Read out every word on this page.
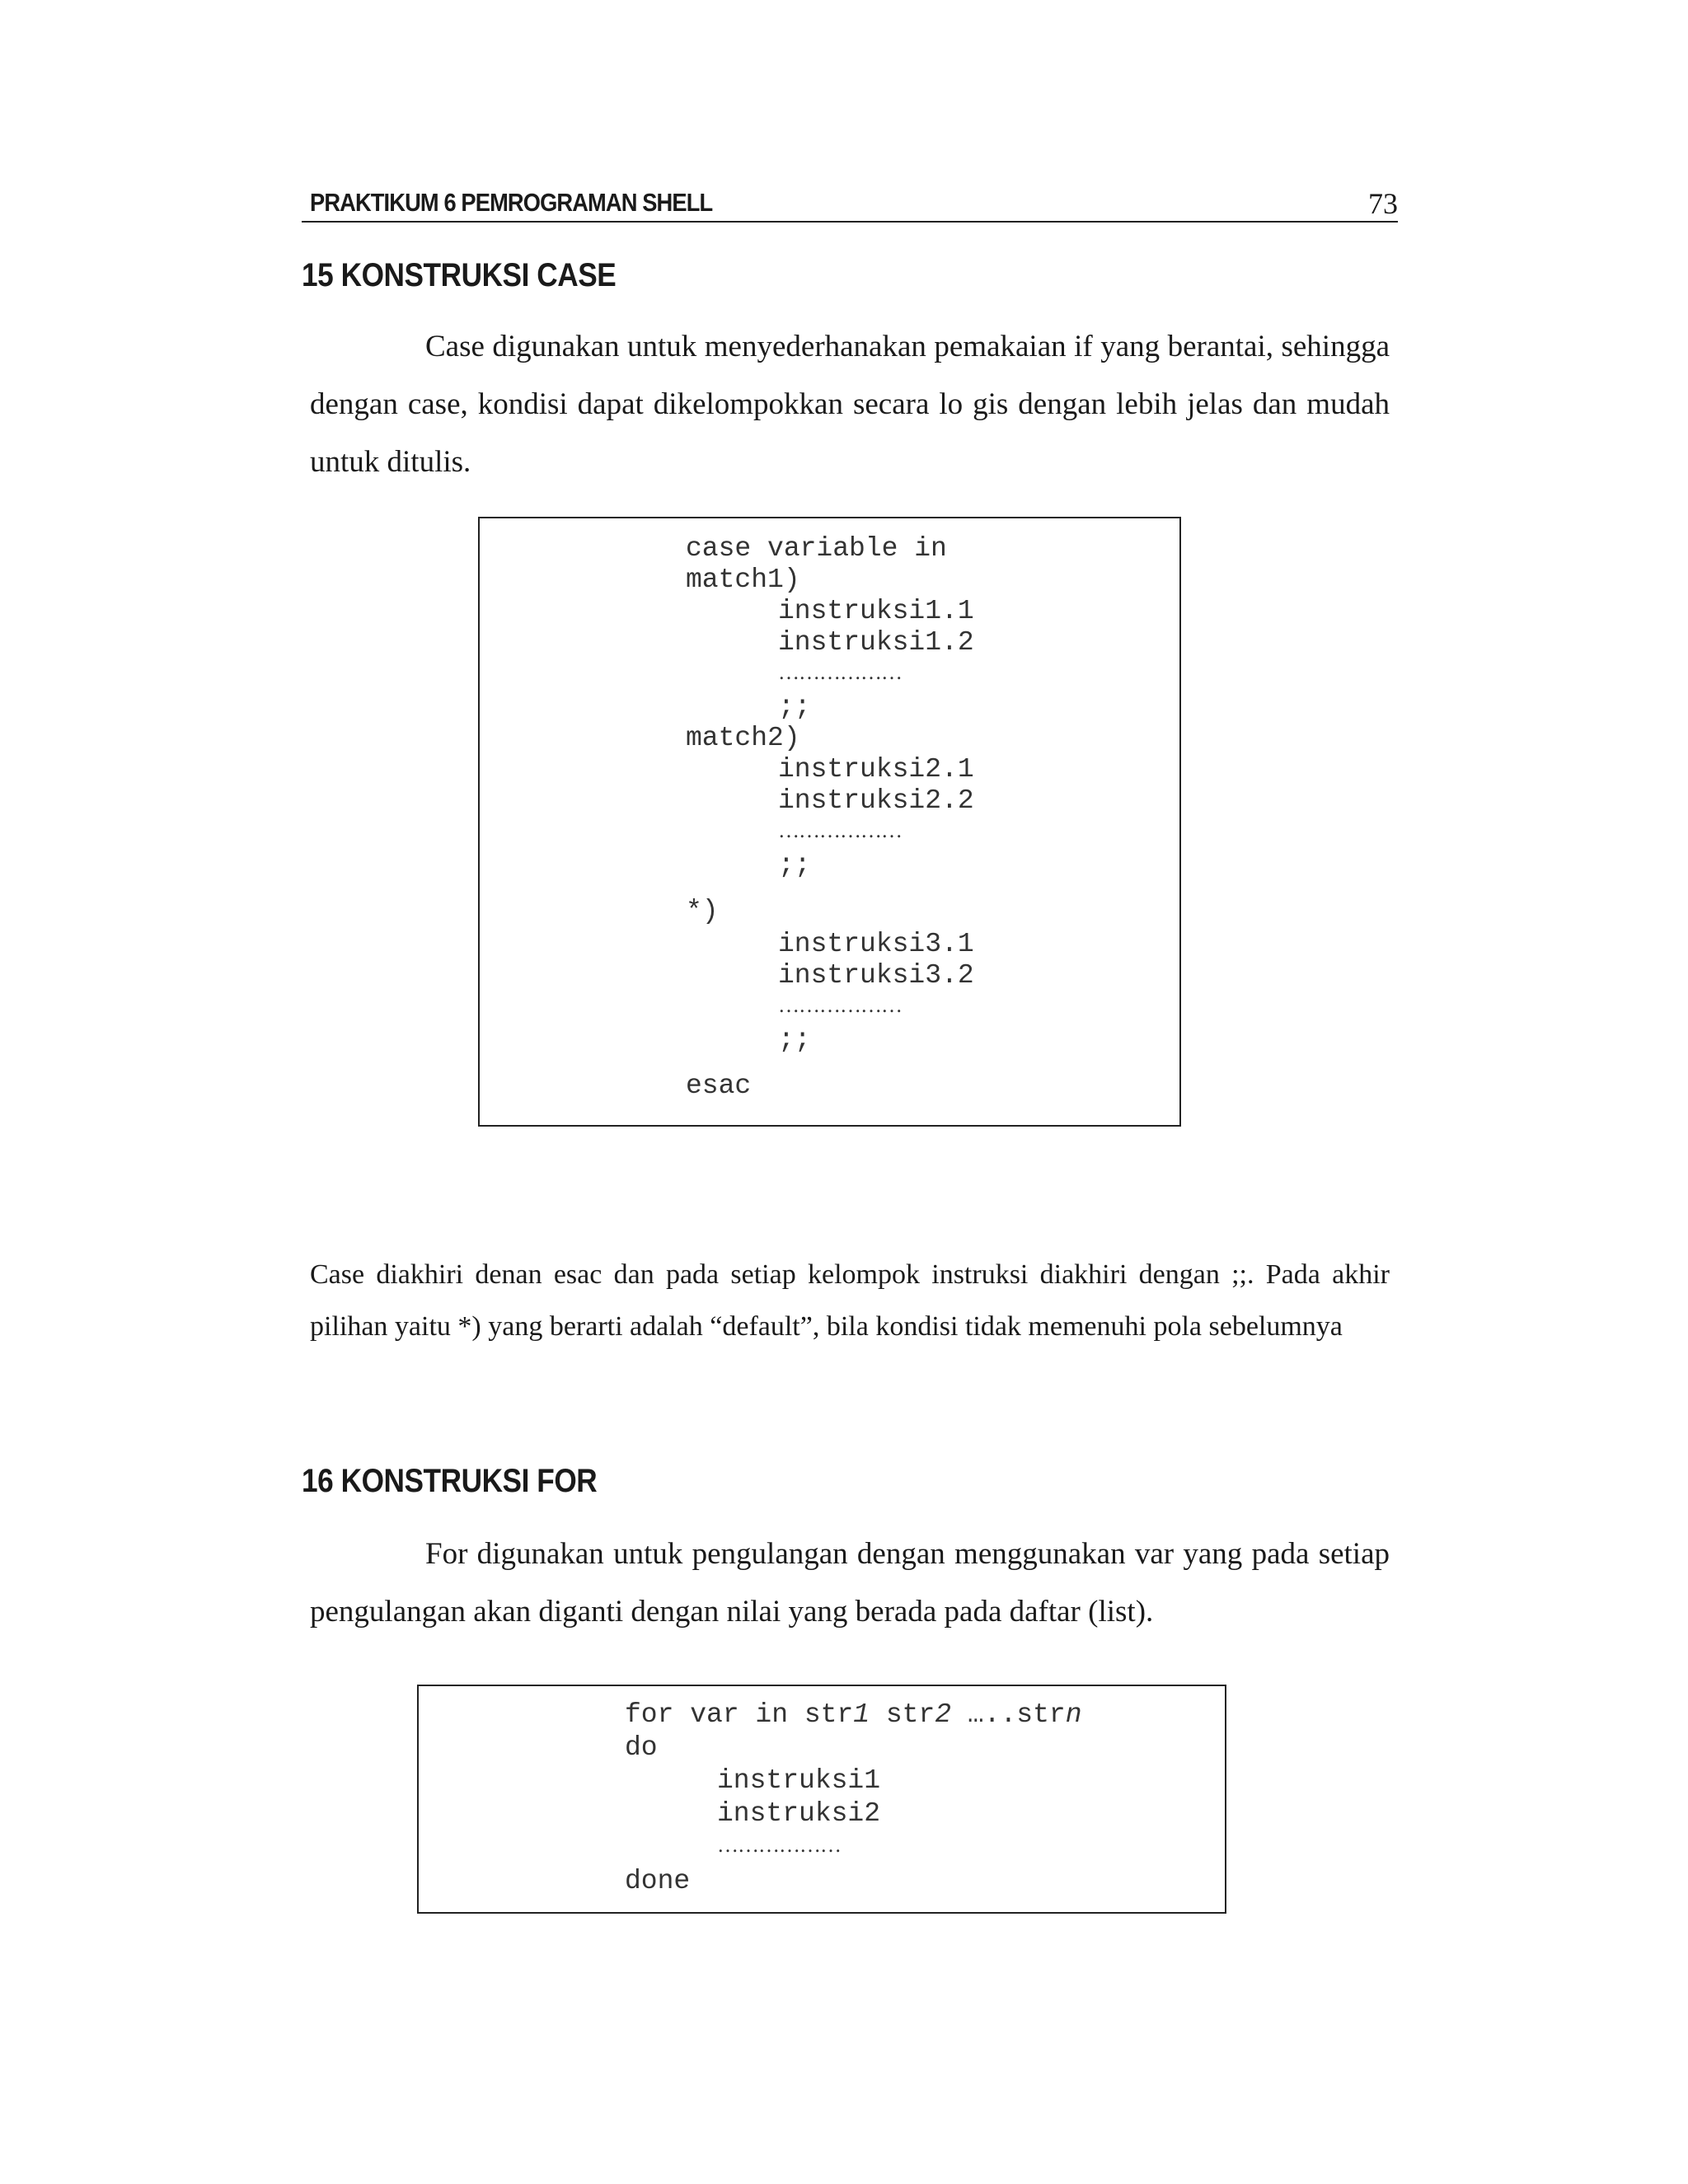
PRAKTIKUM 6 PEMROGRAMAN SHELL	73
15 KONSTRUKSI CASE

Case digunakan untuk menyederhanakan pemakaian if yang berantai, sehingga dengan case, kondisi dapat dikelompokkan secara lo gis dengan lebih jelas dan mudah untuk ditulis.

case variable in
match1)
instruksi1.1
instruksi1.2
………………
;;
match2)
instruksi2.1
instruksi2.2
………………
;;
*)
instruksi3.1
instruksi3.2
………………
;;
esac

Case diakhiri denan esac dan pada setiap kelompok instruksi diakhiri dengan ;;. Pada akhir pilihan yaitu *) yang berarti adalah “default”, bila kondisi tidak memenuhi pola sebelumnya

16 KONSTRUKSI FOR

For digunakan untuk pengulangan dengan menggunakan var yang pada setiap pengulangan akan diganti dengan nilai yang berada pada daftar (list).

for var in str1 str2 …..strn
do
instruksi1
instruksi2
………………
done
